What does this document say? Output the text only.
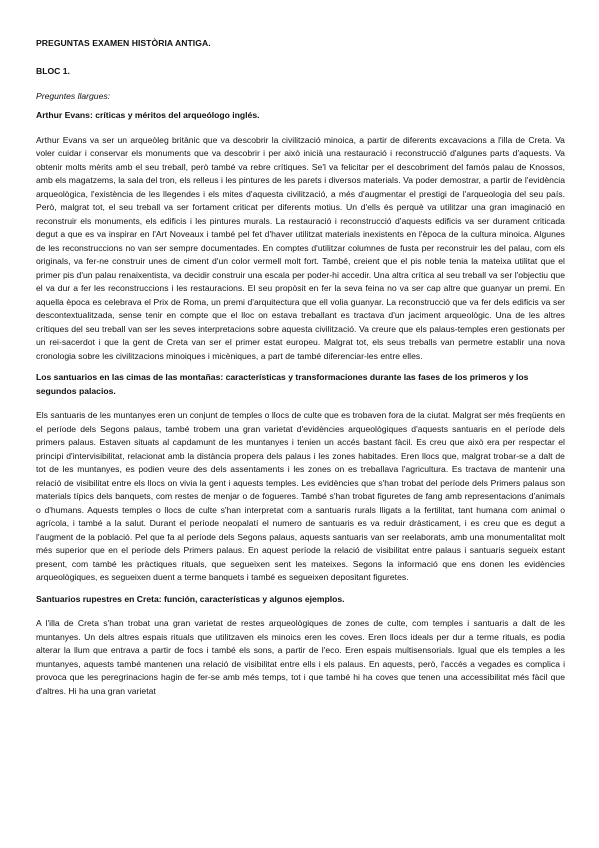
PREGUNTAS EXAMEN HISTÒRIA ANTIGA.
BLOC 1.
Preguntes llargues:
Arthur Evans: críticas y méritos del arqueólogo inglés.

Arthur Evans va ser un arqueòleg britànic que va descobrir la civilització minoica, a partir de diferents excavacions a l'illa de Creta. Va voler cuidar i conservar els monuments que va descobrir i per això inicià una restauració i reconstrucció d'algunes parts d'aquests. Va obtenir molts mèrits amb el seu treball, però també va rebre crítiques. Se'l va felicitar per el descobriment del famós palau de Knossos, amb els magatzems, la sala del tron, els relleus i les pintures de les parets i diversos materials. Va poder demostrar, a partir de l'evidència arqueològica, l'existència de les llegendes i els mites d'aquesta civilització, a més d'augmentar el prestigi de l'arqueologia del seu país. Però, malgrat tot, el seu treball va ser fortament criticat per diferents motius. Un d'ells és perquè va utilitzar una gran imaginació en reconstruir els monuments, els edificis i les pintures murals. La restauració i reconstrucció d'aquests edificis va ser durament criticada degut a que es va inspirar en l'Art Noveaux i també pel fet d'haver utilitzat materials inexistents en l'època de la cultura minoica. Algunes de les reconstruccions no van ser sempre documentades. En comptes d'utilitzar columnes de fusta per reconstruir les del palau, com els originals, va fer-ne construir unes de ciment d'un color vermell molt fort. També, creient que el pis noble tenia la mateixa utilitat que el primer pis d'un palau renaixentista, va decidir construir una escala per poder-hi accedir. Una altra crítica al seu treball va ser l'objectiu que el va dur a fer les reconstruccions i les restauracions. El seu propòsit en fer la seva feina no va ser cap altre que guanyar un premi. En aquella època es celebrava el Prix de Roma, un premi d'arquitectura que ell volia guanyar. La reconstrucció que va fer dels edificis va ser descontextualitzada, sense tenir en compte que el lloc on estava treballant es tractava d'un jaciment arqueològic. Una de les altres crítiques del seu treball van ser les seves interpretacions sobre aquesta civilització. Va creure que els palaus-temples eren gestionats per un rei-sacerdot i que la gent de Creta van ser el primer estat europeu. Malgrat tot, els seus treballs van permetre establir una nova cronologia sobre les civilitzacions minoiques i micèniques, a part de també diferenciar-les entre elles.

Los santuarios en las cimas de las montañas: características y transformaciones durante las fases de los primeros y los segundos palacios.

Els santuaris de les muntanyes eren un conjunt de temples o llocs de culte que es trobaven fora de la ciutat. Malgrat ser més freqüents en el període dels Segons palaus, també trobem una gran varietat d'evidències arqueològiques d'aquests santuaris en el període dels primers palaus. Estaven situats al capdamunt de les muntanyes i tenien un accés bastant fàcil. Es creu que això era per respectar el principi d'intervisibilitat, relacionat amb la distància propera dels palaus i les zones habitades. Eren llocs que, malgrat trobar-se a dalt de tot de les muntanyes, es podien veure des dels assentaments i les zones on es treballava l'agricultura. Es tractava de mantenir una relació de visibilitat entre els llocs on vivia la gent i aquests temples. Les evidències que s'han trobat del període dels Primers palaus son materials típics dels banquets, com restes de menjar o de fogueres. També s'han trobat figuretes de fang amb representacions d'animals o d'humans. Aquests temples o llocs de culte s'han interpretat com a santuaris rurals lligats a la fertilitat, tant humana com animal o agrícola, i també a la salut. Durant el període neopalatí el numero de santuaris es va reduir dràsticament, i es creu que es degut a l'augment de la població. Pel que fa al període dels Segons palaus, aquests santuaris van ser reelaborats, amb una monumentalitat molt més superior que en el període dels Primers palaus. En aquest període la relació de visibilitat entre palaus i santuaris segueix estant present, com també les pràctiques rituals, que segueixen sent les mateixes. Segons la informació que ens donen les evidències arqueològiques, es segueixen duent a terme banquets i també es segueixen depositant figuretes.

Santuarios rupestres en Creta: función, características y algunos ejemplos.

A l'illa de Creta s'han trobat una gran varietat de restes arqueològiques de zones de culte, com temples i santuaris a dalt de les muntanyes. Un dels altres espais rituals que utilitzaven els minoics eren les coves. Eren llocs ideals per dur a terme rituals, es podia alterar la llum que entrava a partir de focs i també els sons, a partir de l'eco. Eren espais multisensorials. Igual que els temples a les muntanyes, aquests també mantenen una relació de visibilitat entre ells i els palaus. En aquests, però, l'accés a vegades es complica i provoca que les peregrinacions hagin de fer-se amb més temps, tot i que també hi ha coves que tenen una accessibilitat més fàcil que d'altres. Hi ha una gran varietat
